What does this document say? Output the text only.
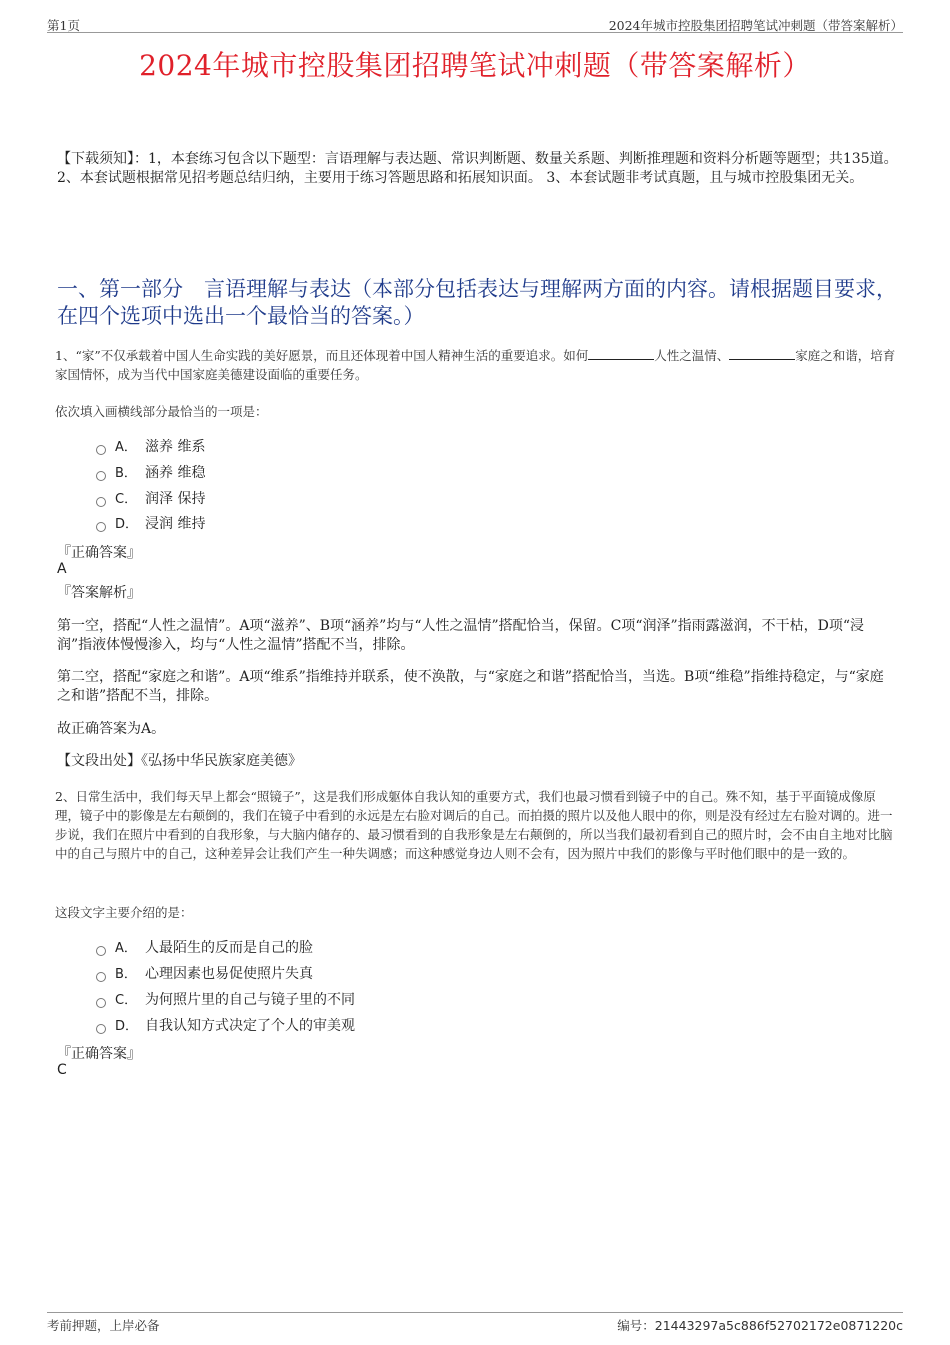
第1页	2024年城市控股集团招聘笔试冲刺题（带答案解析）
2024年城市控股集团招聘笔试冲刺题（带答案解析）
【下载须知】：1，本套练习包含以下题型：言语理解与表达题、常识判断题、数量关系题、判断推理题和资料分析题等题型；共135道。 2、本套试题根据常见招考题总结归纳，主要用于练习答题思路和拓展知识面。 3、本套试题非考试真题，且与城市控股集团无关。
一、第一部分　言语理解与表达（本部分包括表达与理解两方面的内容。请根据题目要求，在四个选项中选出一个最恰当的答案。）
1、“家”不仅承载着中国人生命实践的美好愿景，而且还体现着中国人精神生活的重要追求。如何	人性之温情、	家庭之和谐，培育家国情怀，成为当代中国家庭美德建设面临的重要任务。
依次填入画横线部分最恰当的一项是：
A． 滋养 维系
B． 涵养 维稳
C． 润泽 保持
D． 浸润 维持
『正确答案』
A
『答案解析』
第一空，搭配“人性之温情”。A项“滋养”、B项“涵养”均与“人性之温情”搭配恰当，保留。C项“润泽”指雨露滋润，不干枯，D项“浸润”指液体慢慢渗入，均与“人性之温情”搭配不当，排除。
第二空，搭配“家庭之和谐”。A项“维系”指维持并联系，使不涣散，与“家庭之和谐”搭配恰当，当选。B项“维稳”指维持稳定，与“家庭之和谐”搭配不当，排除。
故正确答案为A。
【文段出处】《弘扬中华民族家庭美德》
2、日常生活中，我们每天早上都会“照镜子”，这是我们形成躯体自我认知的重要方式，我们也最习惯看到镜子中的自己。殊不知，基于平面镜成像原理，镜子中的影像是左右颠倒的，我们在镜子中看到的永远是左右脸对调后的自己。而拍摄的照片以及他人眼中的你，则是没有经过左右脸对调的。进一步说，我们在照片中看到的自我形象，与大脑内储存的、最习惯看到的自我形象是左右颠倒的，所以当我们最初看到自己的照片时，会不由自主地对比脑中的自己与照片中的自己，这种差异会让我们产生一种失调感；而这种感觉身边人则不会有，因为照片中我们的影像与平时他们眼中的是一致的。
这段文字主要介绍的是：
A． 人最陌生的反而是自己的脸
B． 心理因素也易促使照片失真
C． 为何照片里的自己与镜子里的不同
D． 自我认知方式决定了个人的审美观
『正确答案』
C
考前押题，上岸必备	编号：21443297a5c886f52702172e0871220c
